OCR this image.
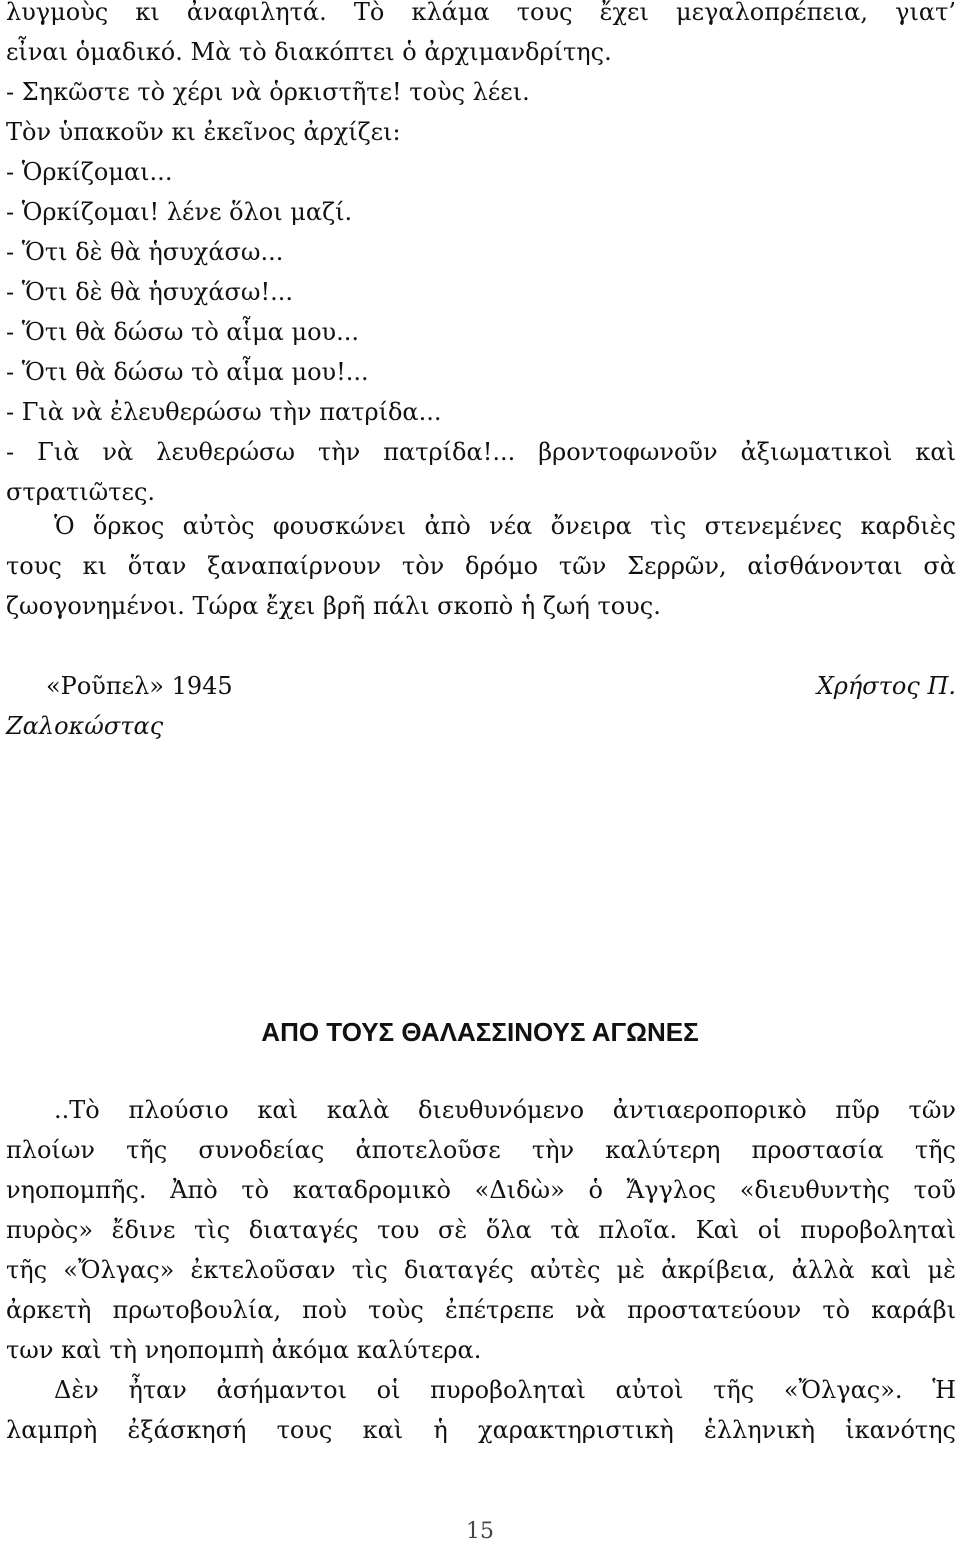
λυγμοὺς κι ἀναφιλητά. Τὸ κλάμα τους ἔχει μεγαλοπρέπεια, γιατ’
εἶναι ὁμαδικό. Μὰ τὸ διακόπτει ὁ ἀρχιμανδρίτης.
- Σηκῶστε τὸ χέρι νὰ ὁρκιστῆτε! τοὺς λέει.
Τὸν ὑπακοῦν κι ἐκεῖνος ἀρχίζει:
- Ὁρκίζομαι...
- Ὁρκίζομαι! λένε ὅλοι μαζί.
- Ὅτι δὲ θὰ ἡσυχάσω...
- Ὅτι δὲ θὰ ἡσυχάσω!...
- Ὅτι θὰ δώσω τὸ αἷμα μου...
- Ὅτι θὰ δώσω τὸ αἷμα μου!...
- Γιὰ νὰ ἐλευθερώσω τὴν πατρίδα...
- Γιὰ νὰ λευθερώσω τὴν πατρίδα!... βροντοφωνοῦν ἀξιωματικοὶ καὶ
στρατιῶτες.
Ὁ ὅρκος αὐτὸς φουσκώνει ἀπὸ νέα ὄνειρα τὶς στενεμένες καρδιὲς
τους κι ὅταν ξαναπαίρνουν τὸν δρόμο τῶν Σερρῶν, αἰσθάνονται σὰ
ζωογονημένοι. Τώρα ἔχει βρῆ πάλι σκοπὸ ἡ ζωή τους.
«Ροῦπελ» 1945	Χρήστος Π.
Ζαλοκώστας
ΑΠΟ ΤΟΥΣ ΘΑΛΑΣΣΙΝΟΥΣ ΑΓΩΝΕΣ
..Τὸ πλούσιο καὶ καλὰ διευθυνόμενο ἀντιαεροπορικὸ πῦρ τῶν
πλοίων τῆς συνοδείας ἀποτελοῦσε τὴν καλύτερη προστασία τῆς
νηοπομπῆς. Ἀπὸ τὸ καταδρομικὸ «Διδὼ» ὁ Ἄγγλος «διευθυντὴς τοῦ
πυρὸς» ἔδινε τὶς διαταγές του σὲ ὅλα τὰ πλοῖα. Καὶ οἱ πυροβοληταὶ
τῆς «Ὄλγας» ἐκτελοῦσαν τὶς διαταγές αὐτὲς μὲ ἀκρίβεια, ἀλλὰ καὶ μὲ
ἀρκετὴ πρωτοβουλία, ποὺ τοὺς ἐπέτρεπε νὰ προστατεύουν τὸ καράβι
των καὶ τὴ νηοπομπὴ ἀκόμα καλύτερα.
Δὲν ἦταν ἀσήμαντοι οἱ πυροβοληταὶ αὐτοὶ τῆς «Ὄλγας». Ἡ
λαμπρὴ ἐξάσκησή τους καὶ ἡ χαρακτηριστικὴ ἑλληνικὴ ἱκανότης
15
